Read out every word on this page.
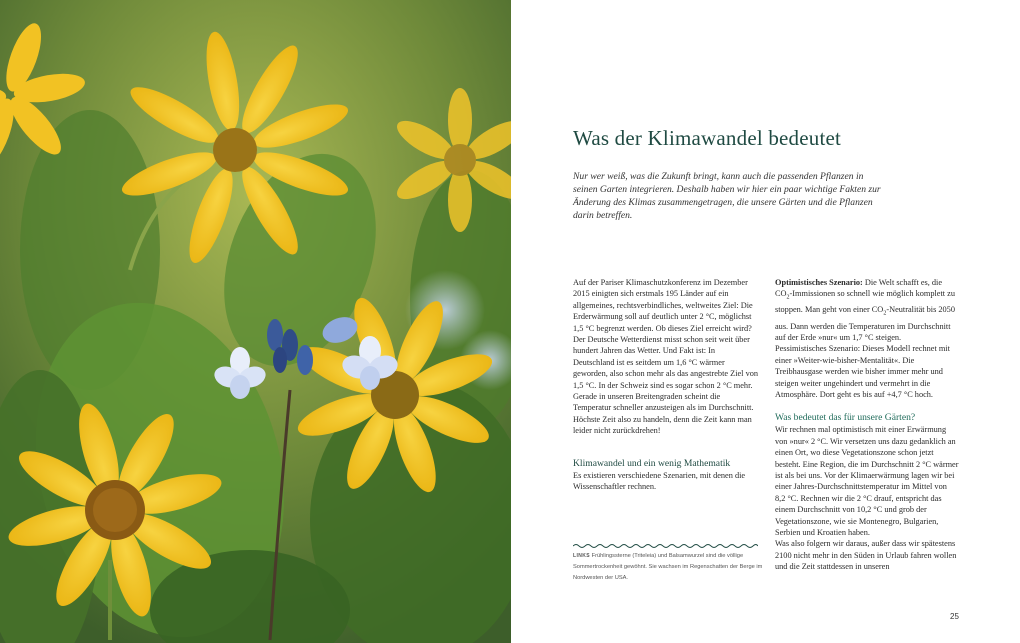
Was der Klimawandel bedeutet

Nur wer weiß, was die Zukunft bringt, kann auch die passenden Pflanzen in seinen Garten integrieren. Deshalb haben wir hier ein paar wichtige Fakten zur Änderung des Klimas zusammengetragen, die unsere Gärten und die Pflanzen darin betreffen.

Auf der Pariser Klimaschutzkonferenz im Dezember 2015 einigten sich erstmals 195 Länder auf ein allgemeines, rechtsverbindliches, weltweites Ziel: Die Erderwärmung soll auf deutlich unter 2 °C, möglichst 1,5 °C begrenzt werden. Ob dieses Ziel erreicht wird? Der Deutsche Wetterdienst misst schon seit weit über hundert Jahren das Wetter. Und Fakt ist: In Deutschland ist es seitdem um 1,6 °C wärmer geworden, also schon mehr als das angestrebte Ziel von 1,5 °C. In der Schweiz sind es sogar schon 2 °C mehr. Gerade in unseren Breitengraden scheint die Temperatur schneller anzusteigen als im Durchschnitt. Höchste Zeit also zu handeln, denn die Zeit kann man leider nicht zurückdrehen!

Klimawandel und ein wenig Mathematik

Es existieren verschiedene Szenarien, mit denen die Wissenschaftler rechnen.

LINKS Frühlingssterne (Triteleia) und Balsamwurzel sind die völlige Sommertrockenheit gewöhnt. Sie wachsen im Regenschatten der Berge im Nordwesten der USA.

Optimistisches Szenario: Die Welt schafft es, die $CO_2$-Immissionen so schnell wie möglich komplett zu stoppen. Man geht von einer $CO_2$-Neutralität bis 2050 aus. Dann werden die Temperaturen im Durchschnitt auf der Erde »nur« um 1,7 °C steigen.

Pessimistisches Szenario: Dieses Modell rechnet mit einer »Weiter-wie-bisher-Mentalität«. Die Treibhausgase werden wie bisher immer mehr und steigen weiter ungehindert und vermehrt in die Atmosphäre. Dort geht es bis auf +4,7 °C hoch.

Was bedeutet das für unsere Gärten?

Wir rechnen mal optimistisch mit einer Erwärmung von »nur« 2 °C. Wir versetzen uns dazu gedanklich an einen Ort, wo diese Vegetationszone schon jetzt besteht. Eine Region, die im Durchschnitt 2 °C wärmer ist als bei uns. Vor der Klimaerwärmung lagen wir bei einer Jahres-Durchschnittstemperatur im Mittel von 8,2 °C. Rechnen wir die 2 °C drauf, entspricht das einem Durchschnitt von 10,2 °C und grob der Vegetationszone, wie sie Montenegro, Bulgarien, Serbien und Kroatien haben.

Was also folgern wir daraus, außer dass wir spätestens 2100 nicht mehr in den Süden in Urlaub fahren wollen und die Zeit stattdessen in unseren

25
